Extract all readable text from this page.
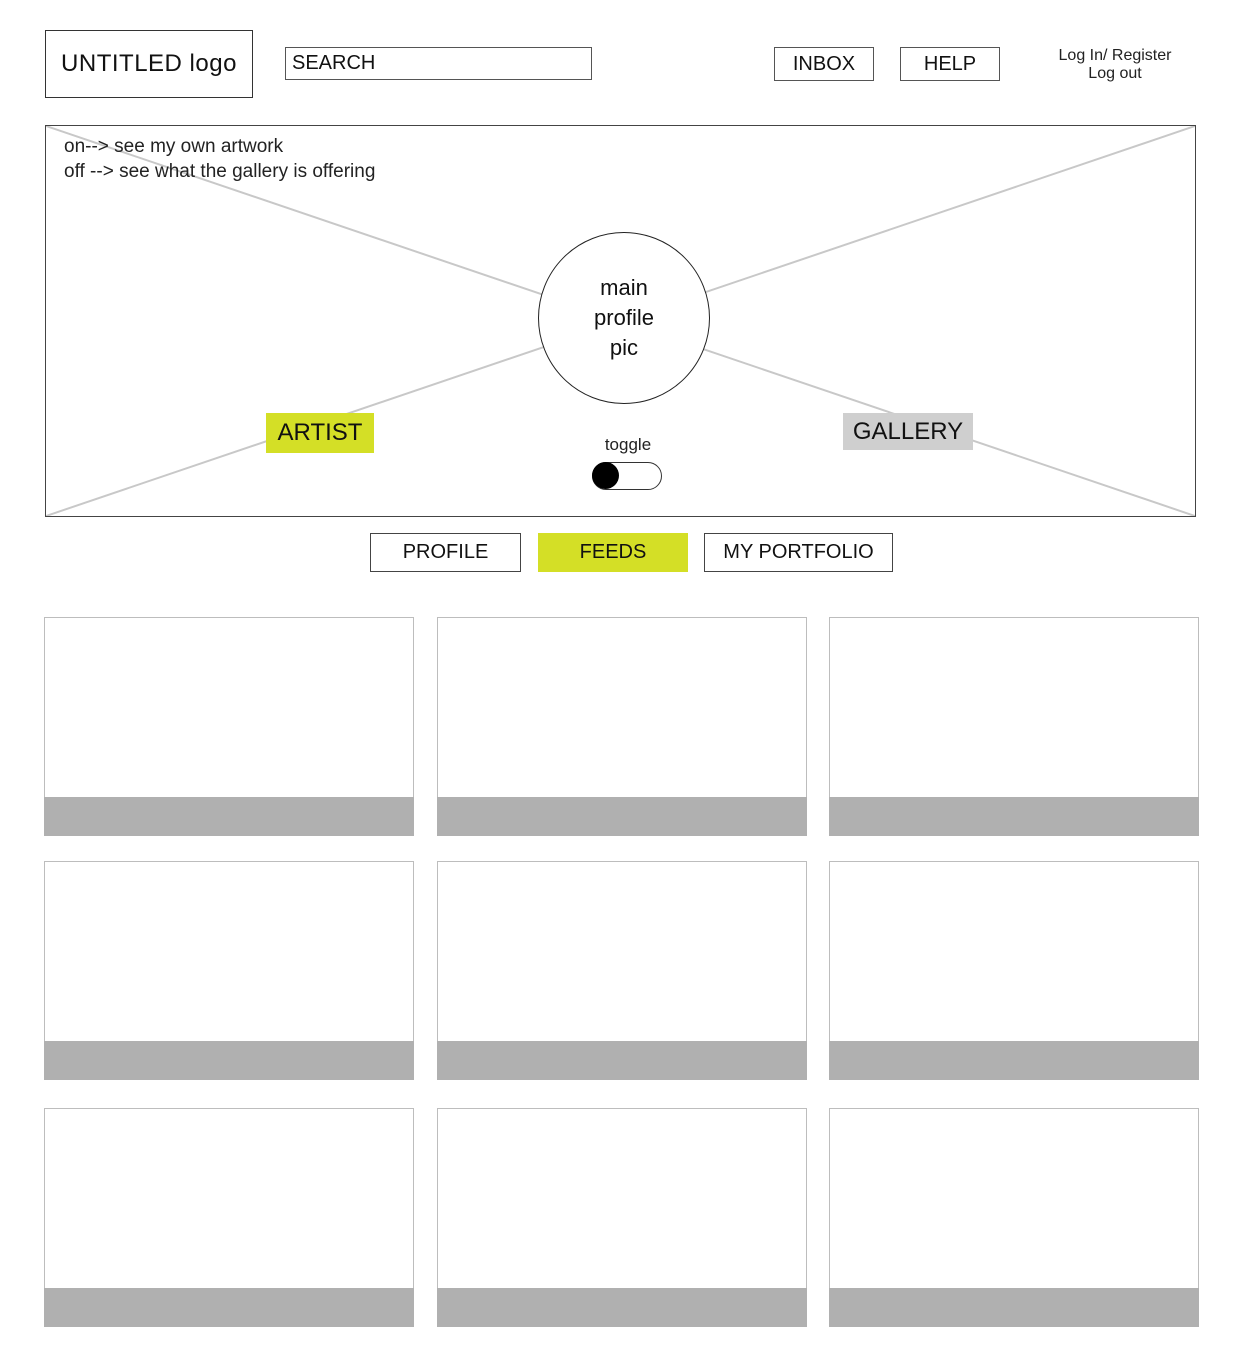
UNTITLED logo
SEARCH	INBOX	HELP	Log In/ Register
Log out
on--> see my own artwork
off --> see what the gallery is offering
main
profile
pic
ARTIST	GALLERY
toggle
PROFILE	FEEDS	MY PORTFOLIO
